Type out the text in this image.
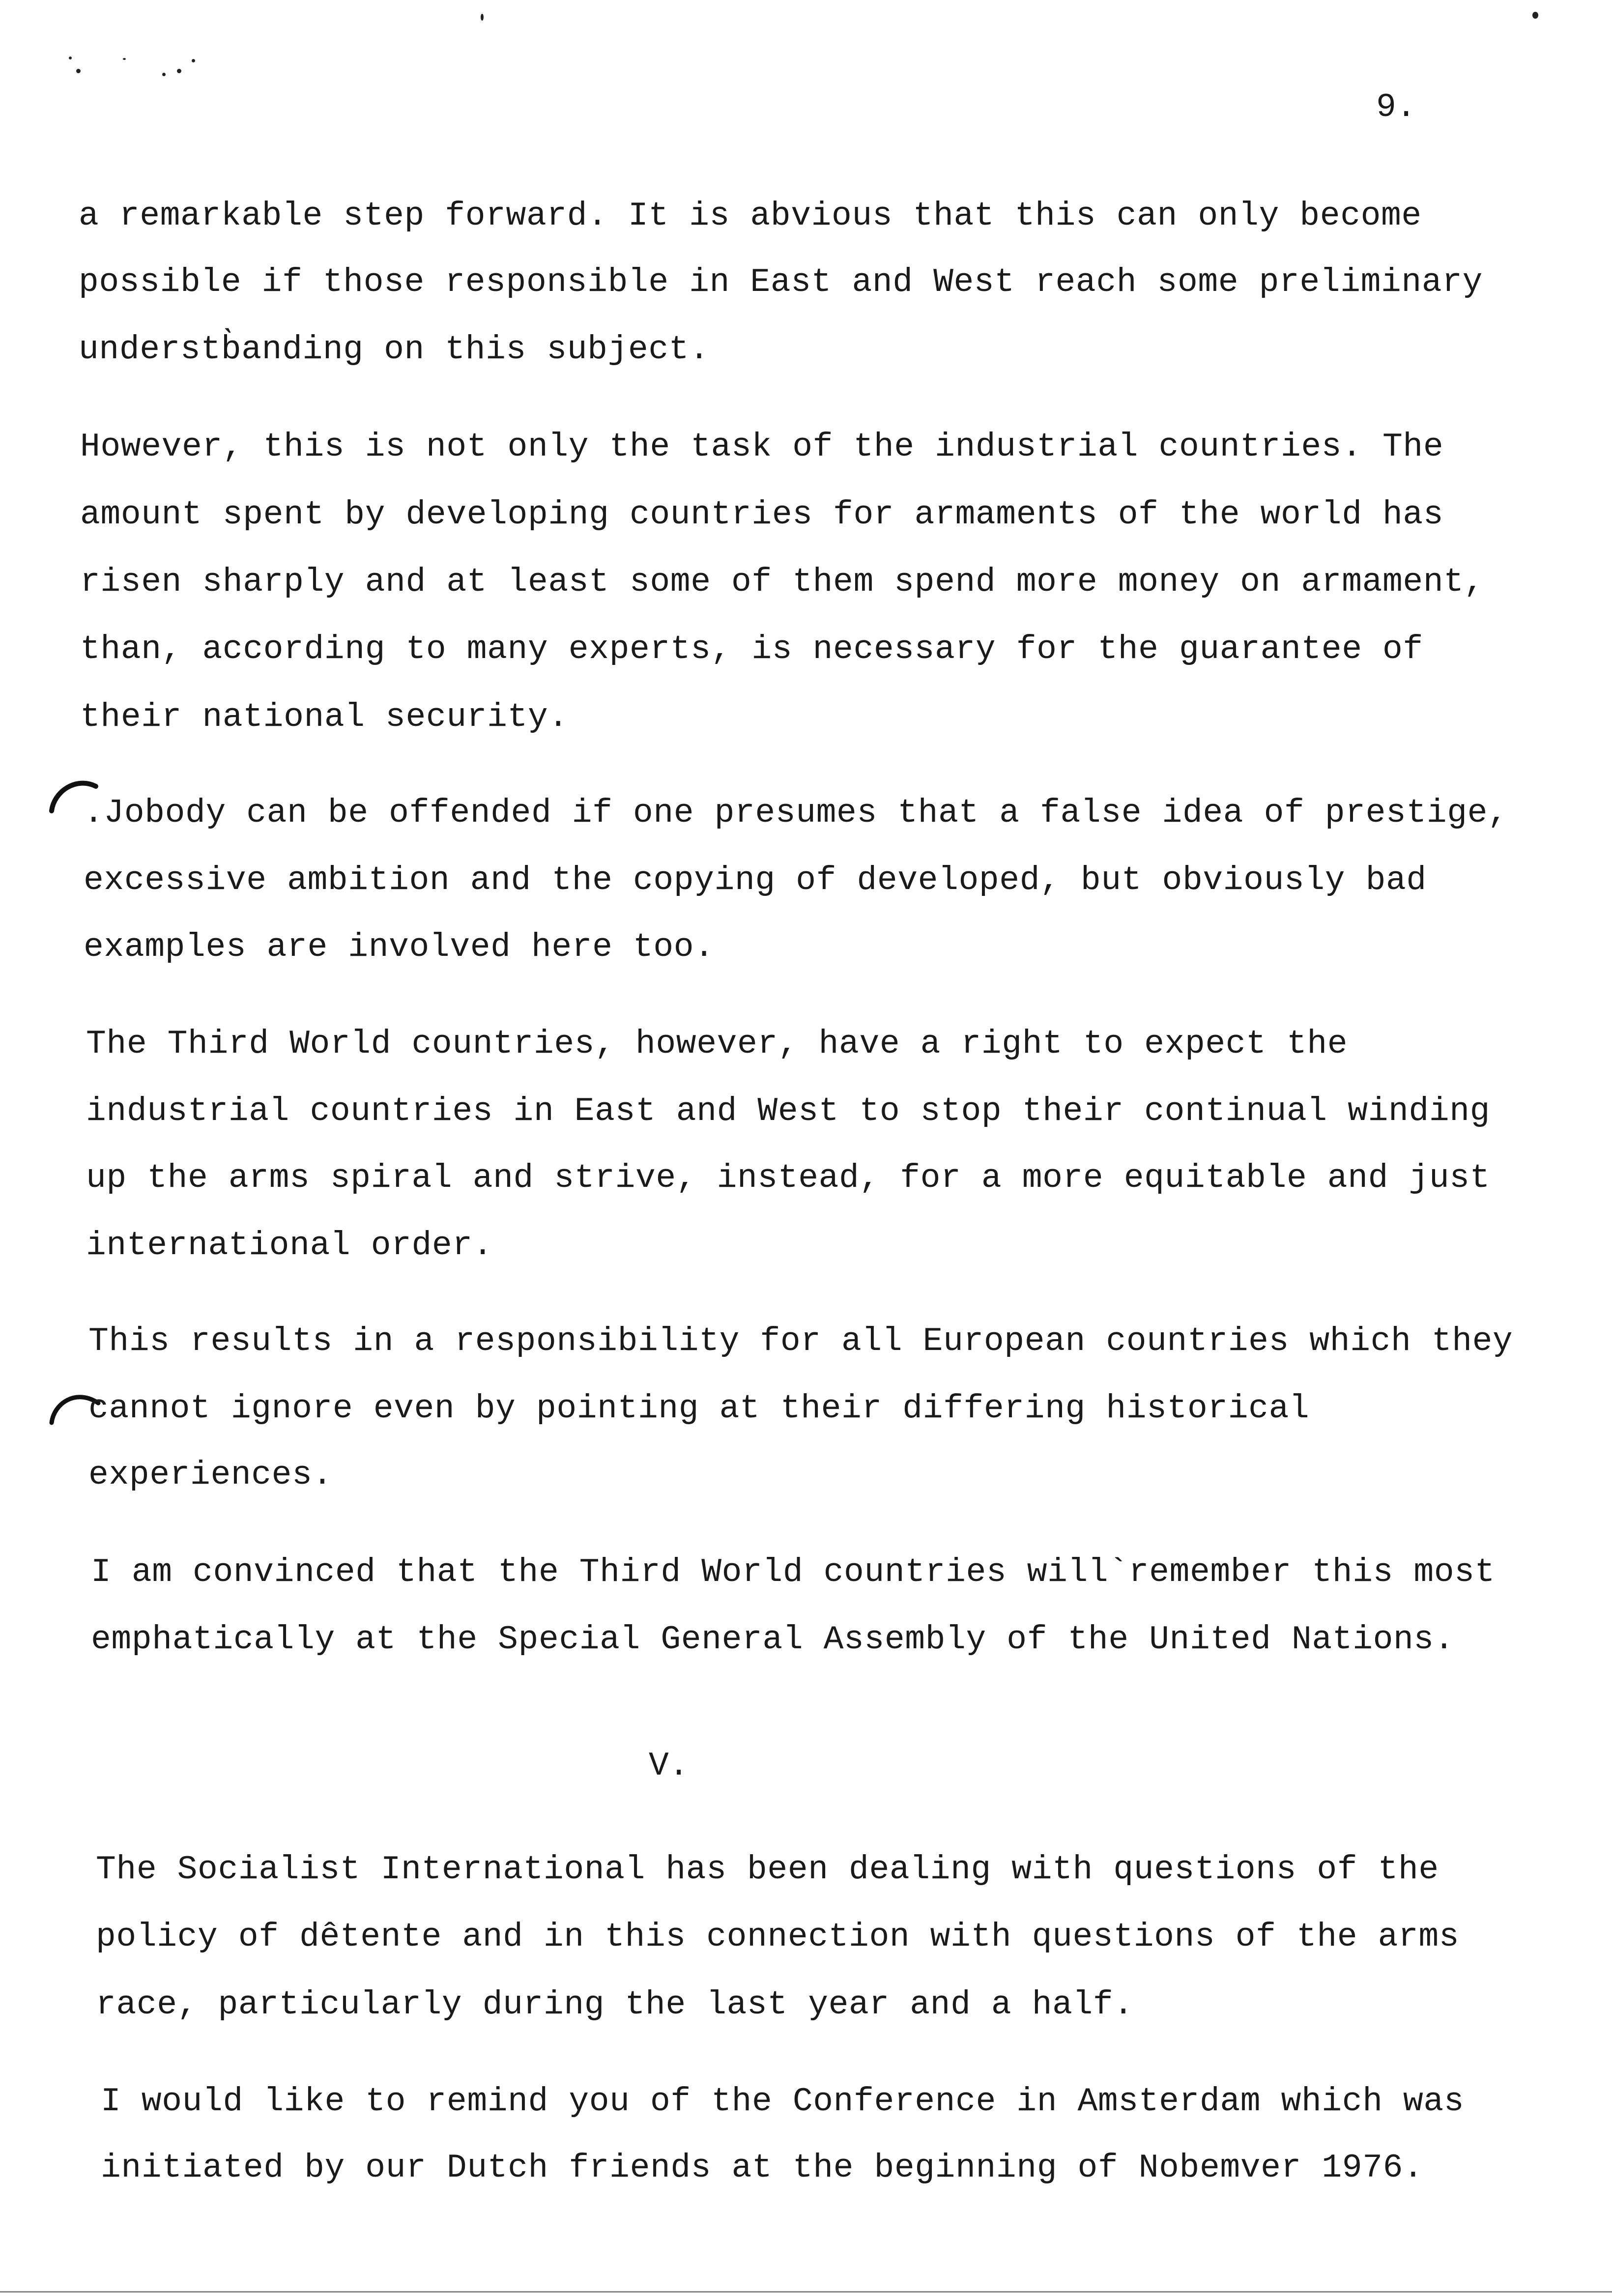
9.
a remarkable step forward. It is abvious that this can only become
possible if those responsible in East and West reach some preliminary
understb̀anding on this subject.
However, this is not only the task of the industrial countries. The
amount spent by developing countries for armaments of the world has
risen sharply and at least some of them spend more money on armament,
than, according to many experts, is necessary for the guarantee of
their national security.
.Jobody can be offended if one presumes that a false idea of prestige,
excessive ambition and the copying of developed, but obviously bad
examples are involved here too.
The Third World countries, however, have a right to expect the
industrial countries in East and West to stop their continual winding
up the arms spiral and strive, instead, for a more equitable and just
international order.
This results in a responsibility for all European countries which they
cannot ignore even by pointing at their differing historical
experiences.
I am convinced that the Third World countries will`remember this most
emphatically at the Special General Assembly of the United Nations.
V.
The Socialist International has been dealing with questions of the
policy of dêtente and in this connection with questions of the arms
race, particularly during the last year and a half.
I would like to remind you of the Conference in Amsterdam which was
initiated by our Dutch friends at the beginning of Nobemver 1976.
